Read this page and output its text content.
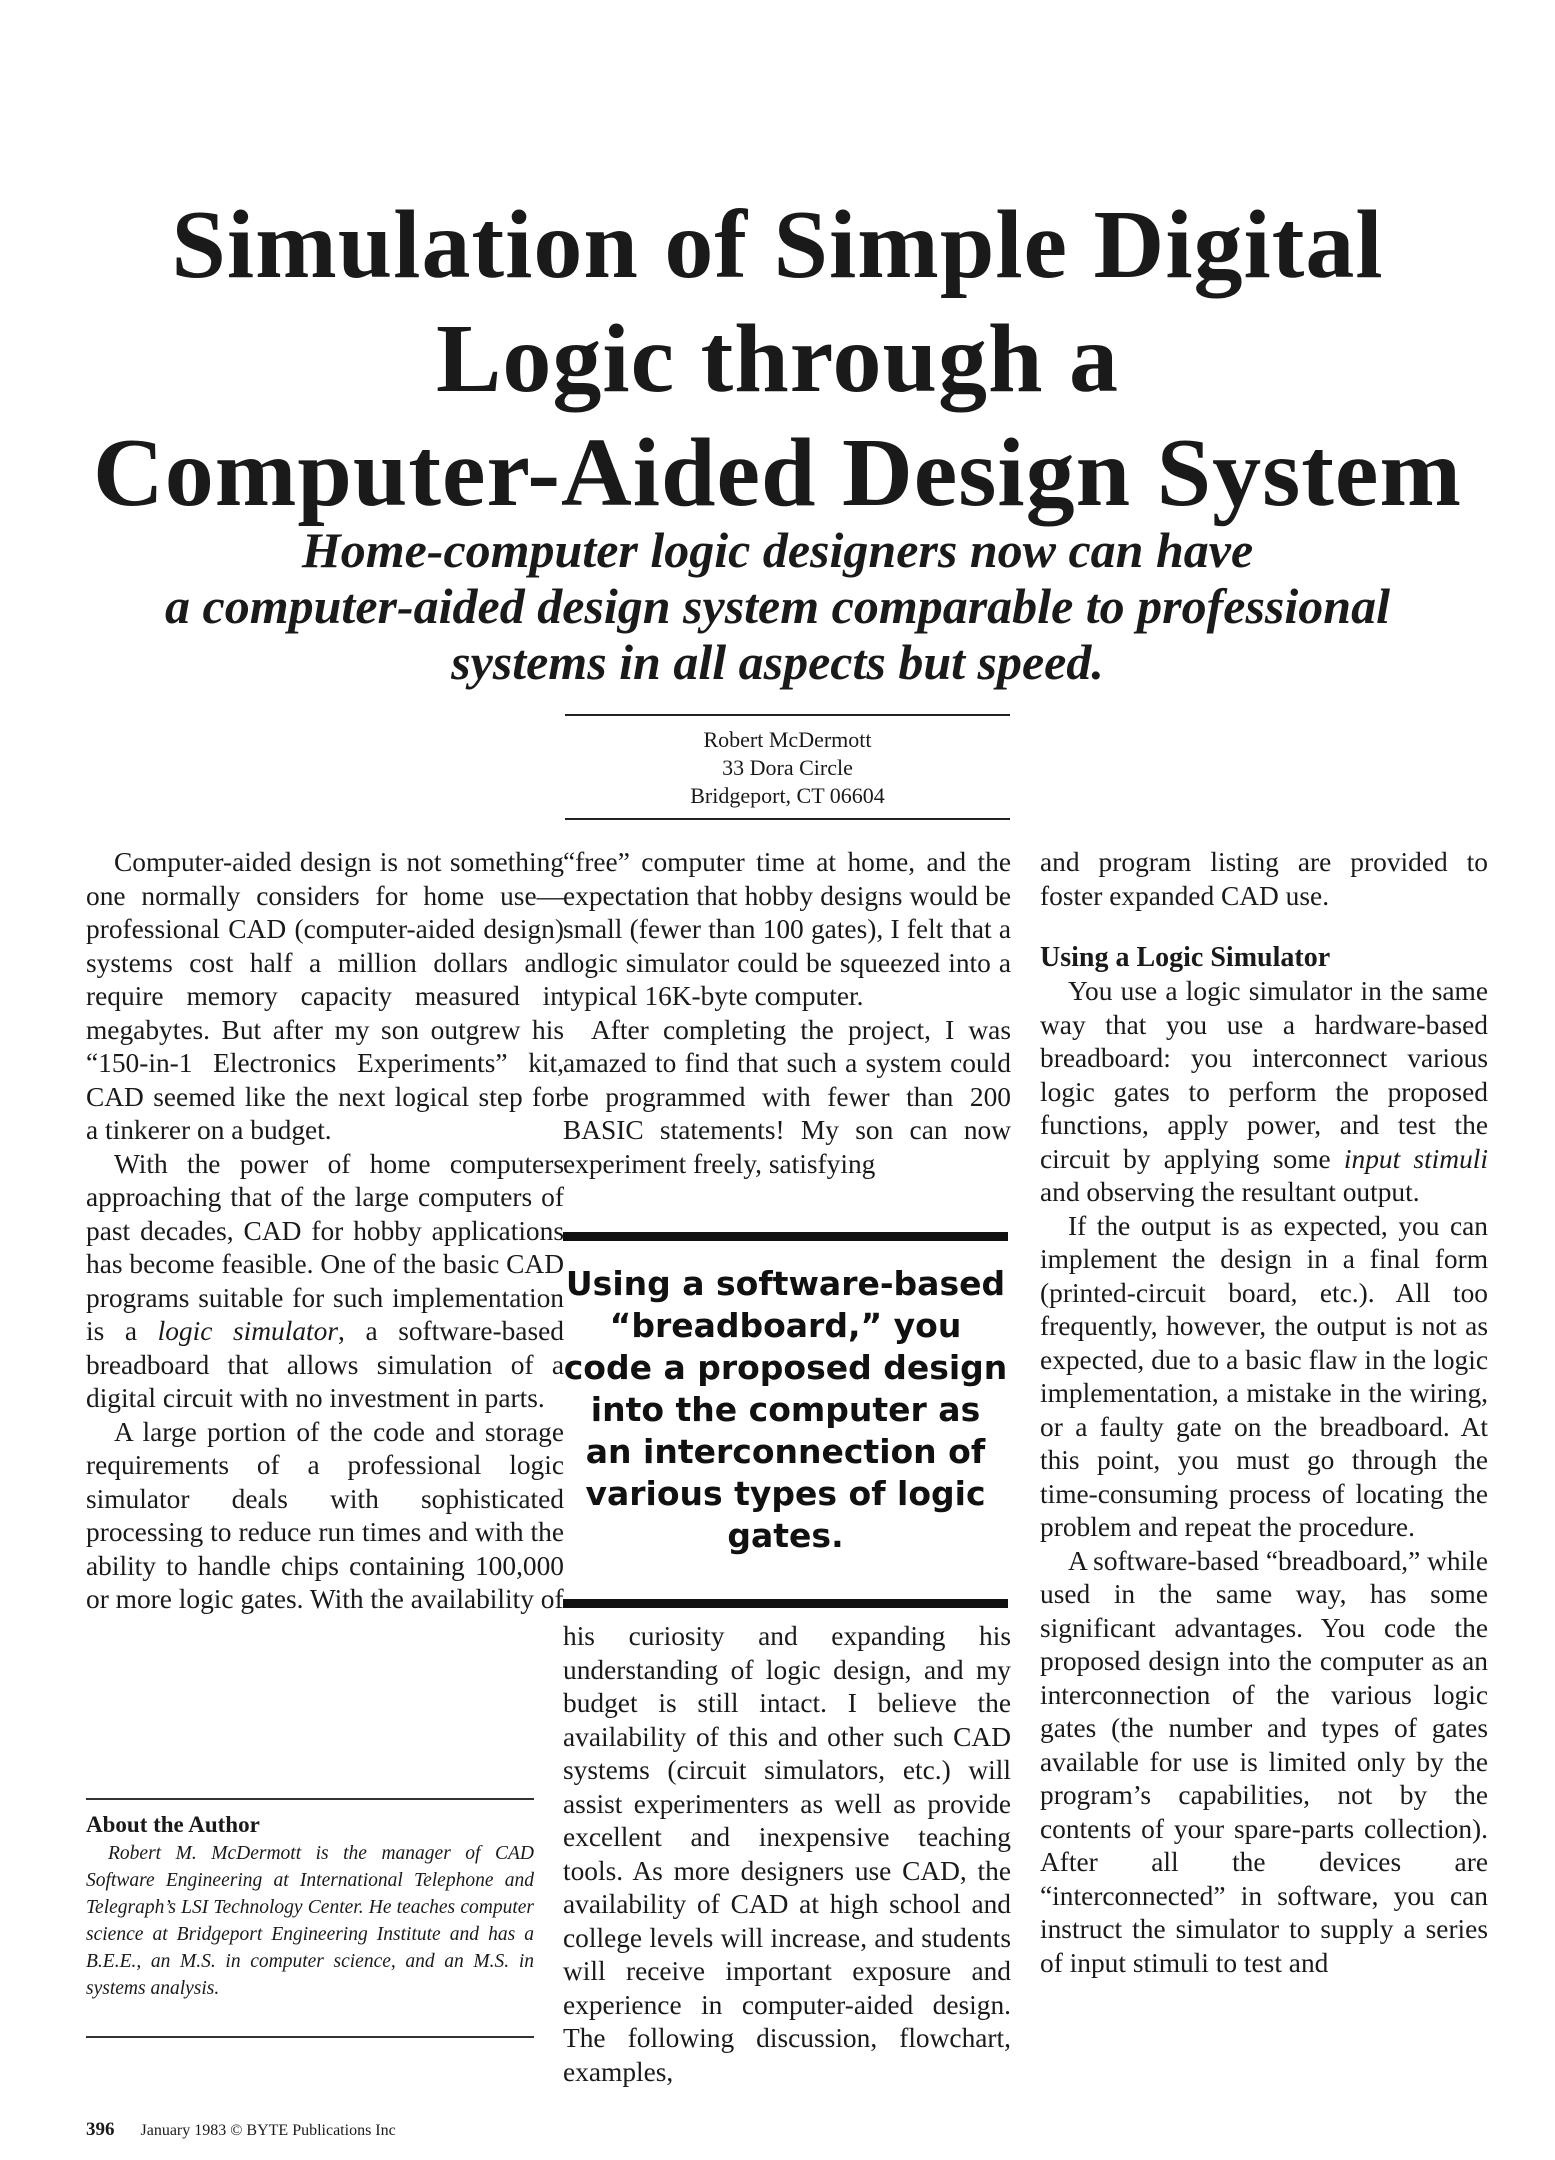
Simulation of Simple Digital
Logic through a
Computer-Aided Design System
Home-computer logic designers now can have
a computer-aided design system comparable to professional
systems in all aspects but speed.
Robert McDermott
33 Dora Circle
Bridgeport, CT 06604

Computer-aided design is not something one normally considers for home use—professional CAD (computer-aided design) systems cost half a million dollars and require memory capacity measured in megabytes. But after my son outgrew his “150-in-1 Electronics Experiments” kit, CAD seemed like the next logical step for a tinkerer on a budget.

With the power of home computers approaching that of the large computers of past decades, CAD for hobby applications has become feasible. One of the basic CAD programs suitable for such implementation is a logic simulator, a software-based breadboard that allows simulation of a digital circuit with no investment in parts.

A large portion of the code and storage requirements of a professional logic simulator deals with sophisticated processing to reduce run times and with the ability to handle chips containing 100,000 or more logic gates. With the availability of

About the Author

Robert M. McDermott is the manager of CAD Software Engineering at International Telephone and Telegraph’s LSI Technology Center. He teaches computer science at Bridgeport Engineering Institute and has a B.E.E., an M.S. in computer science, and an M.S. in systems analysis.

“free” computer time at home, and the expectation that hobby designs would be small (fewer than 100 gates), I felt that a logic simulator could be squeezed into a typical 16K-byte computer.

After completing the project, I was amazed to find that such a system could be programmed with fewer than 200 BASIC statements! My son can now experiment freely, satisfying

Using a software-based “breadboard,” you code a proposed design into the computer as an interconnection of various types of logic gates.

his curiosity and expanding his understanding of logic design, and my budget is still intact. I believe the availability of this and other such CAD systems (circuit simulators, etc.) will assist experimenters as well as provide excellent and inexpensive teaching tools. As more designers use CAD, the availability of CAD at high school and college levels will increase, and students will receive important exposure and experience in computer-aided design. The following discussion, flowchart, examples,

and program listing are provided to foster expanded CAD use.

Using a Logic Simulator

You use a logic simulator in the same way that you use a hardware-based breadboard: you interconnect various logic gates to perform the proposed functions, apply power, and test the circuit by applying some input stimuli and observing the resultant output.

If the output is as expected, you can implement the design in a final form (printed-circuit board, etc.). All too frequently, however, the output is not as expected, due to a basic flaw in the logic implementation, a mistake in the wiring, or a faulty gate on the breadboard. At this point, you must go through the time-consuming process of locating the problem and repeat the procedure.

A software-based “breadboard,” while used in the same way, has some significant advantages. You code the proposed design into the computer as an interconnection of the various logic gates (the number and types of gates available for use is limited only by the program’s capabilities, not by the contents of your spare-parts collection). After all the devices are “interconnected” in software, you can instruct the simulator to supply a series of input stimuli to test and

396 January 1983 © BYTE Publications Inc
